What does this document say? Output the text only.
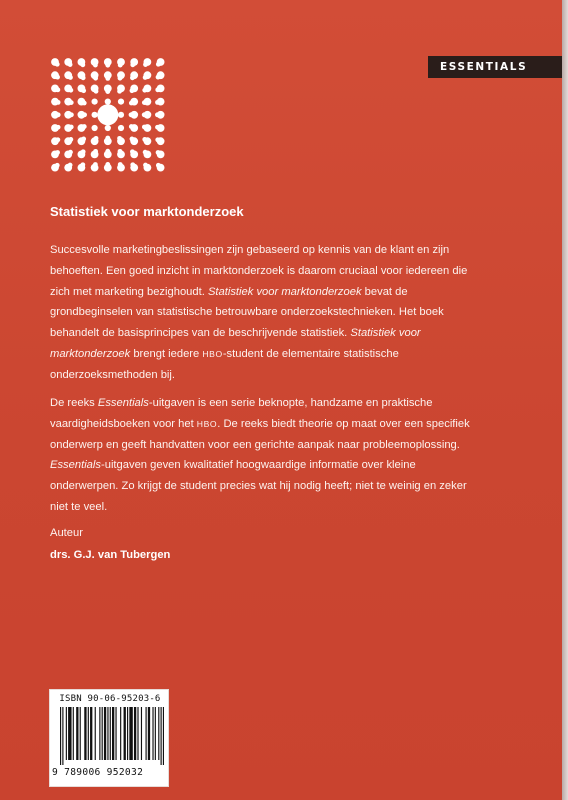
ESSENTIALS
Statistiek voor marktonderzoek

Succesvolle marketingbeslissingen zijn gebaseerd op kennis van de klant en zijn behoeften. Een goed inzicht in marktonderzoek is daarom cruciaal voor iedereen die zich met marketing bezighoudt. Statistiek voor marktonderzoek bevat de grondbeginselen van statistische betrouwbare onderzoekstechnieken. Het boek behandelt de basisprincipes van de beschrijvende statistiek. Statistiek voor marktonderzoek brengt iedere HBO-student de elementaire statistische onderzoeksmethoden bij.

De reeks Essentials-uitgaven is een serie beknopte, handzame en praktische vaardigheidsboeken voor het HBO. De reeks biedt theorie op maat over een specifiek onderwerp en geeft handvatten voor een gerichte aanpak naar probleemoplossing. Essentials-uitgaven geven kwalitatief hoogwaardige informatie over kleine onderwerpen. Zo krijgt de student precies wat hij nodig heeft; niet te weinig en zeker niet te veel.

Auteur
drs. G.J. van Tubergen
ISBN 90-06-95203-6
9 789006 952032
